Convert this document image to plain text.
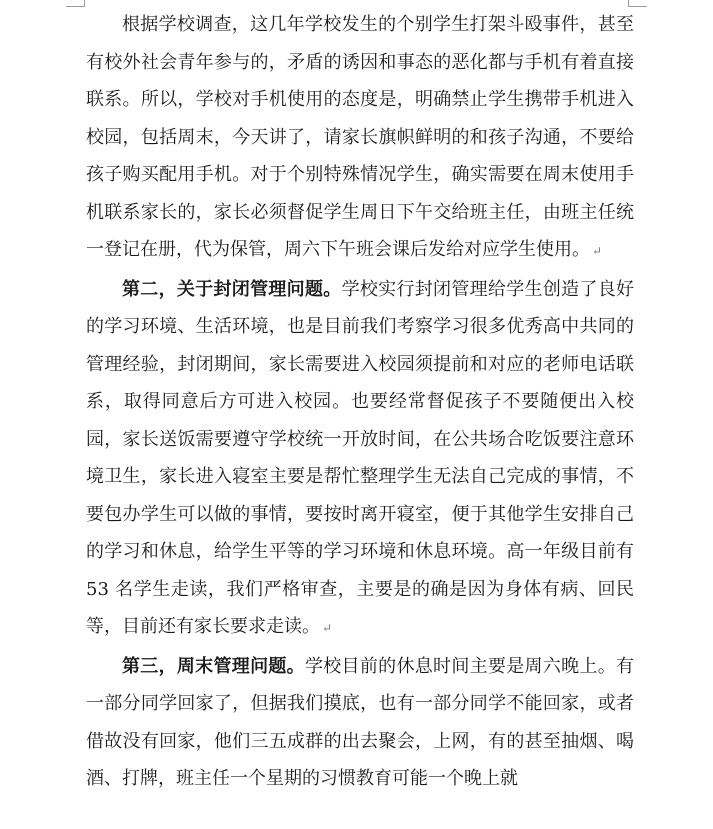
根据学校调查，这几年学校发生的个别学生打架斗殴事件，甚至有校外社会青年参与的，矛盾的诱因和事态的恶化都与手机有着直接联系。所以，学校对手机使用的态度是，明确禁止学生携带手机进入校园，包括周末，今天讲了，请家长旗帜鲜明的和孩子沟通，不要给孩子购买配用手机。对于个别特殊情况学生，确实需要在周末使用手机联系家长的，家长必须督促学生周日下午交给班主任，由班主任统一登记在册，代为保管，周六下午班会课后发给对应学生使用。 ↵

第二，关于封闭管理问题。学校实行封闭管理给学生创造了良好的学习环境、生活环境，也是目前我们考察学习很多优秀高中共同的管理经验，封闭期间，家长需要进入校园须提前和对应的老师电话联系，取得同意后方可进入校园。也要经常督促孩子不要随便出入校园，家长送饭需要遵守学校统一开放时间，在公共场合吃饭要注意环境卫生，家长进入寝室主要是帮忙整理学生无法自己完成的事情，不要包办学生可以做的事情，要按时离开寝室，便于其他学生安排自己的学习和休息，给学生平等的学习环境和休息环境。高一年级目前有 53 名学生走读，我们严格审查，主要是的确是因为身体有病、回民等，目前还有家长要求走读。 ↵

第三，周末管理问题。学校目前的休息时间主要是周六晚上。有一部分同学回家了，但据我们摸底，也有一部分同学不能回家，或者借故没有回家，他们三五成群的出去聚会，上网，有的甚至抽烟、喝酒、打牌，班主任一个星期的习惯教育可能一个晚上就
